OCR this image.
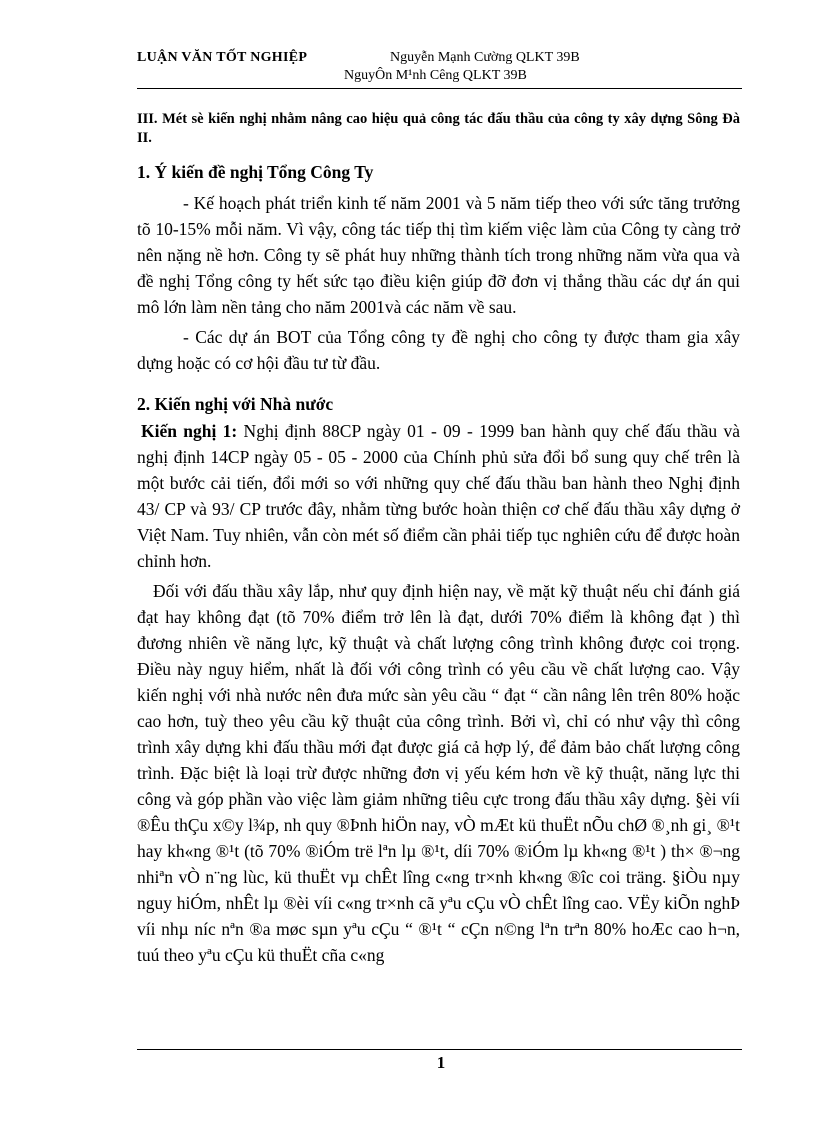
LUẬN VĂN TỐT NGHIỆP	Nguyễn Mạnh Cường QLKT 39B
NguyÔn M¹nh Cêng QLKT 39B

III. Mét sè kiến nghị nhằm nâng cao hiệu quả công tác đấu thầu của công ty xây dựng Sông Đà II.

1. Ý kiến đề nghị Tổng Công Ty

- Kế hoạch phát triển kinh tế năm 2001 và 5 năm tiếp theo với sức tăng trưởng tõ 10-15% mỗi năm. Vì vậy, công tác tiếp thị tìm kiếm việc làm của Công ty càng trở nên nặng nề hơn. Công ty sẽ phát huy những thành tích trong những năm vừa qua và đề nghị Tổng công ty hết sức tạo điều kiện giúp đỡ đơn vị thắng thầu các dự án qui mô lớn làm nền tảng cho năm 2001và các năm về sau.

- Các dự án BOT của Tổng công ty đề nghị cho công ty được tham gia xây dựng hoặc có cơ hội đầu tư từ đầu.

2. Kiến nghị với Nhà nước

Kiến nghị 1: Nghị định 88CP ngày 01 - 09 - 1999 ban hành quy chế đấu thầu và nghị định 14CP ngày 05 - 05 - 2000 của Chính phủ sửa đổi bổ sung quy chế trên là một bước cải tiến, đổi mới so với những quy chế đấu thầu ban hành theo Nghị định 43/ CP và 93/ CP trước đây, nhằm từng bước hoàn thiện cơ chế đấu thầu xây dựng ở Việt Nam. Tuy nhiên, vẫn còn mét số điểm cần phải tiếp tục nghiên cứu để được hoàn chỉnh hơn.

Đối với đấu thầu xây lắp, như quy định hiện nay, về mặt kỹ thuật nếu chỉ đánh giá đạt hay không đạt (tõ 70% điểm trở lên là đạt, dưới 70% điểm là không đạt ) thì đương nhiên về năng lực, kỹ thuật và chất lượng công trình không được coi trọng. Điều này nguy hiểm, nhất là đối với công trình có yêu cầu về chất lượng cao. Vậy kiến nghị với nhà nước nên đưa mức sàn yêu cầu “ đạt “ cần nâng lên trên 80% hoặc cao hơn, tuỳ theo yêu cầu kỹ thuật của công trình. Bởi vì, chỉ có như vậy thì công trình xây dựng khi đấu thầu mới đạt được giá cả hợp lý, để đảm bảo chất lượng công trình. Đặc biệt là loại trừ được những đơn vị yếu kém hơn về kỹ thuật, năng lực thi công và góp phần vào việc làm giảm những tiêu cực trong đấu thầu xây dựng. §èi víi ®Êu thÇu x©y l¾p, nh quy ®Þnh hiÖn nay, vÒ mÆt kü thuËt nÕu chØ ®¸nh gi¸ ®¹t hay kh«ng ®¹t (tõ 70% ®iÓm trë lªn lµ ®¹t, díi 70% ®iÓm lµ kh«ng ®¹t ) th× ®¬ng nhiªn vÒ n¨ng lùc, kü thuËt vµ chÊt lîng c«ng tr×nh kh«ng ®îc coi träng. §iÒu nµy nguy hiÓm, nhÊt lµ ®èi víi c«ng tr×nh cã yªu cÇu vÒ chÊt lîng cao. VËy kiÕn nghÞ víi nhµ níc nªn ®a møc sµn yªu cÇu “ ®¹t “ cÇn n©ng lªn trªn 80% hoÆc cao h¬n, tuú theo yªu cÇu kü thuËt cña c«ng

1
